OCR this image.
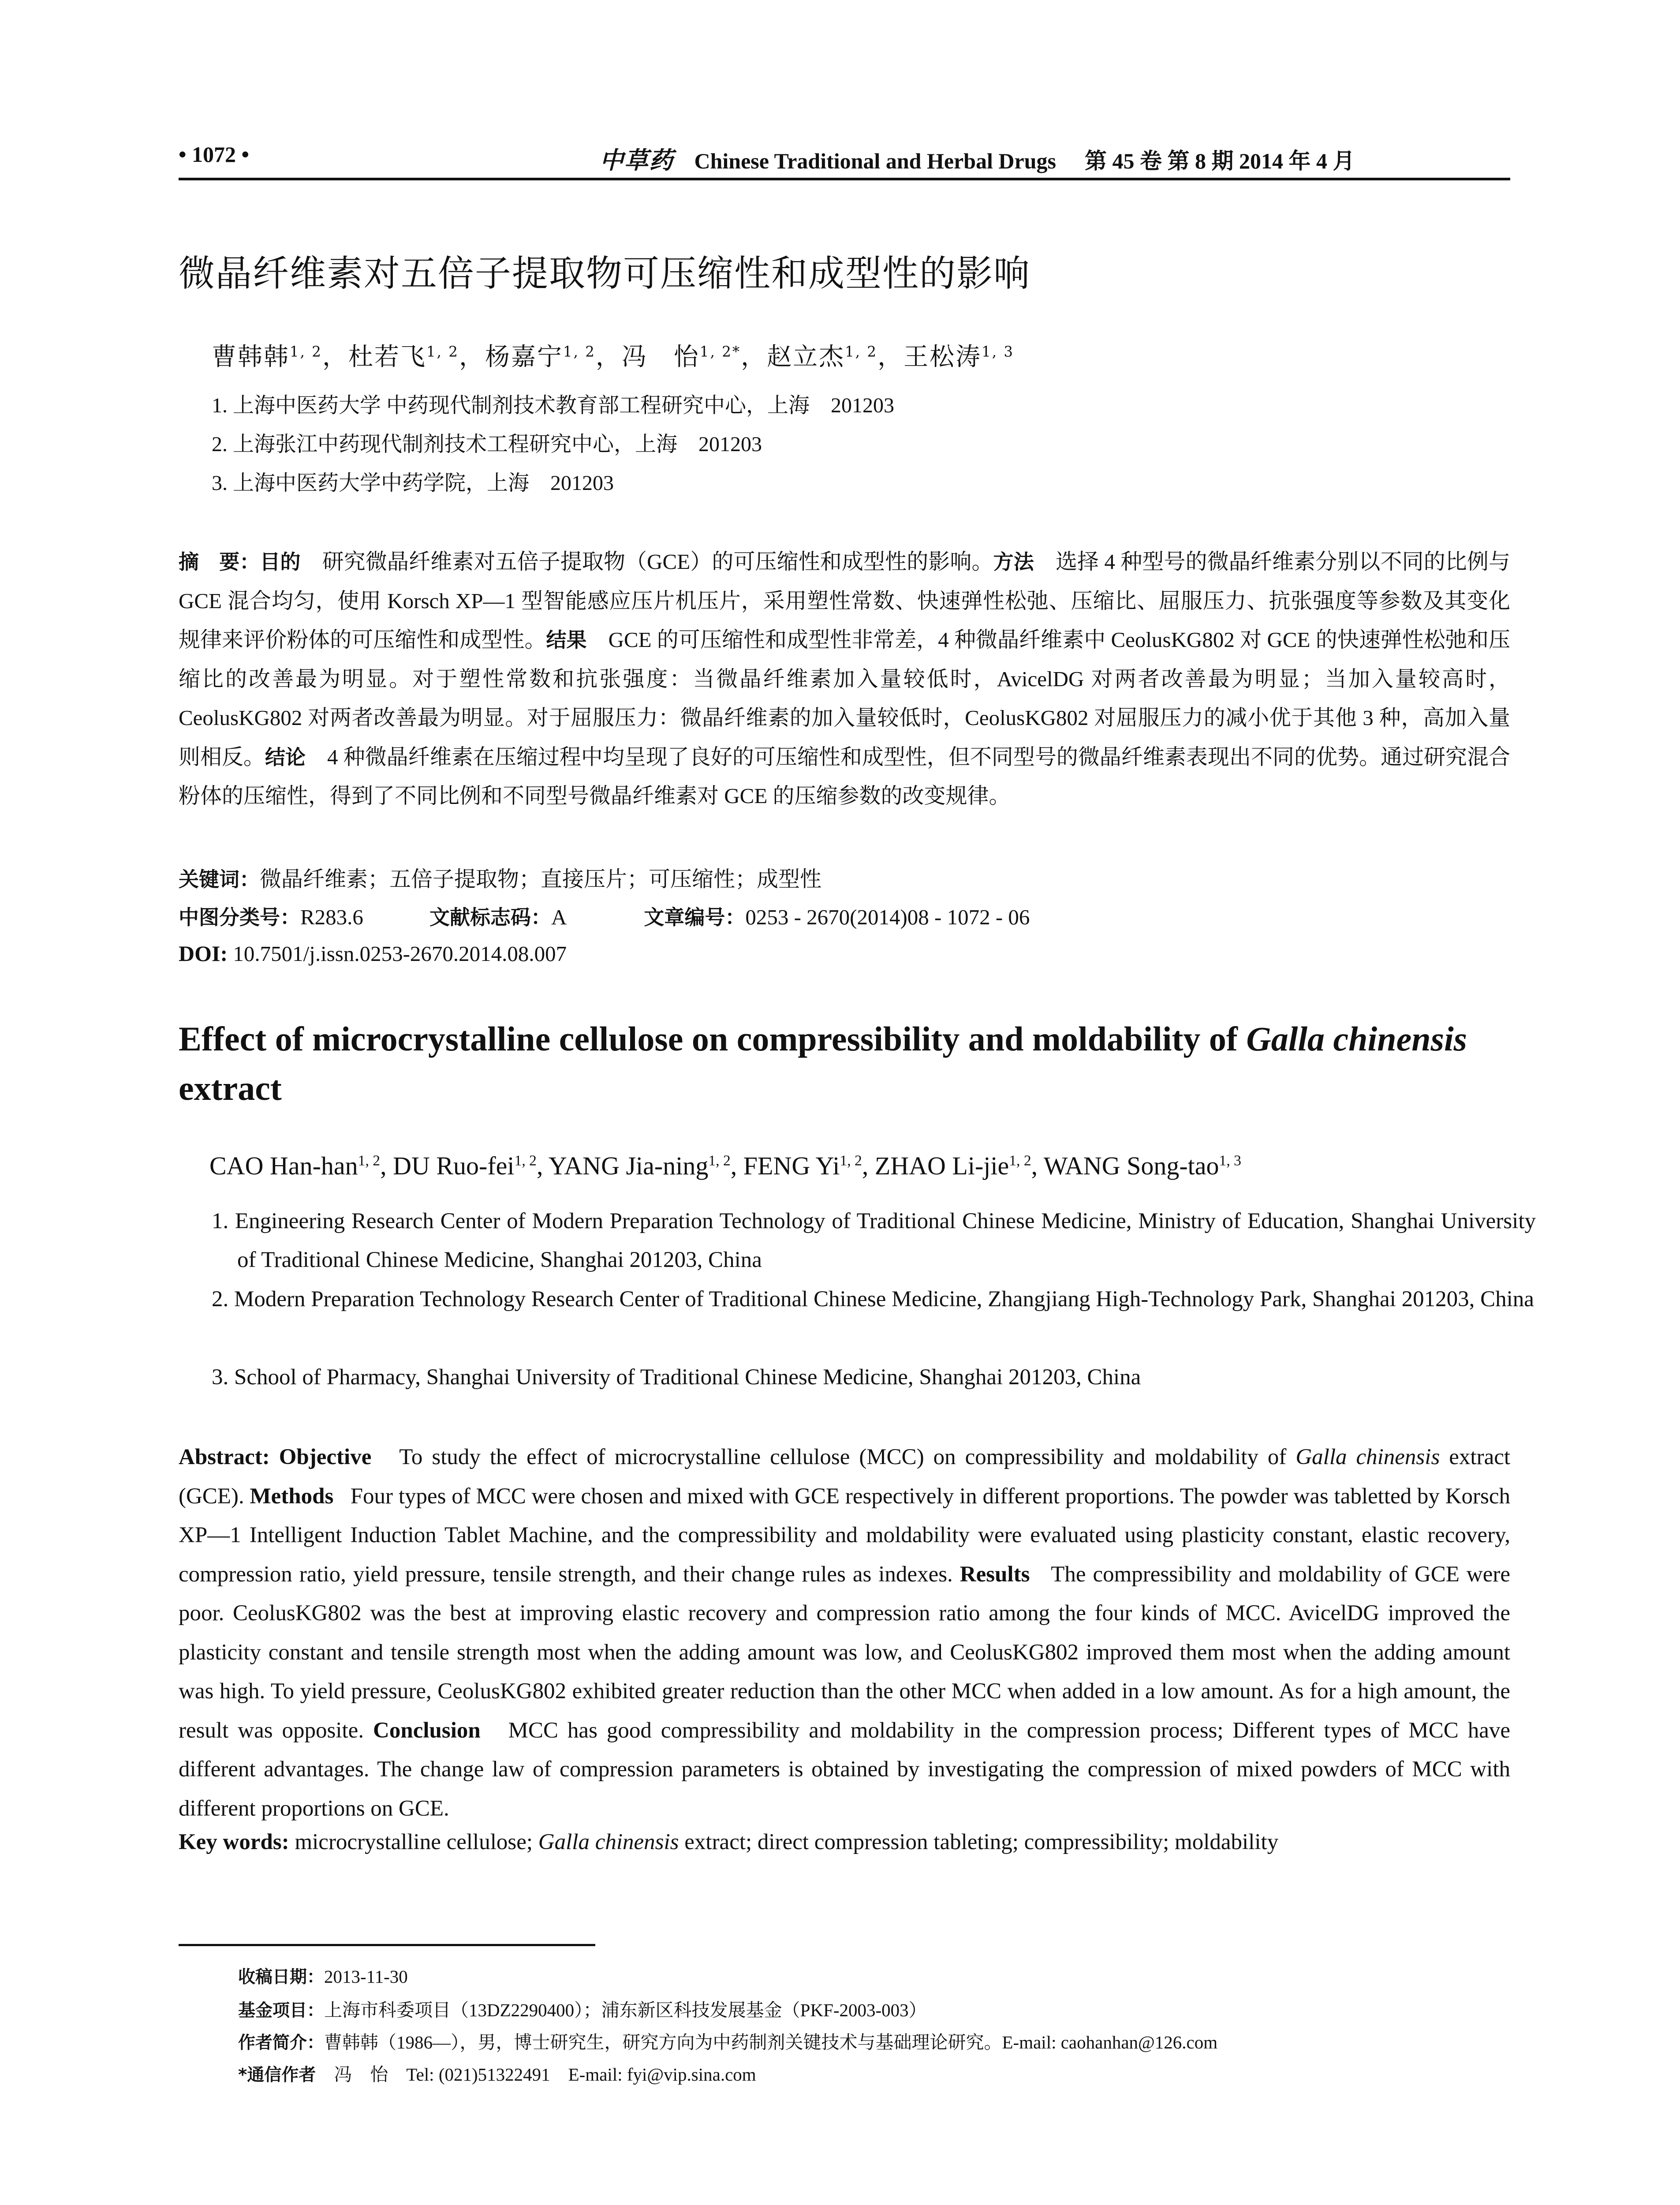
• 1072 •	中草药 Chinese Traditional and Herbal Drugs 第 45 卷 第 8 期 2014 年 4 月
微晶纤维素对五倍子提取物可压缩性和成型性的影响
曹韩韩$^{1, 2}$，杜若飞$^{1, 2}$，杨嘉宁$^{1, 2}$，冯　怡$^{1, 2*}$，赵立杰$^{1, 2}$，王松涛$^{1, 3}$
1. 上海中医药大学 中药现代制剂技术教育部工程研究中心，上海　201203
2. 上海张江中药现代制剂技术工程研究中心，上海　201203
3. 上海中医药大学中药学院，上海　201203
摘　要：目的　 研究微晶纤维素对五倍子提取物（GCE）的可压缩性和成型性的影响。方法　 选择 4 种型号的微晶纤维素分别以不同的比例与 GCE 混合均匀，使用 Korsch XP—1 型智能感应压片机压片，采用塑性常数、快速弹性松弛、压缩比、屈服压力、抗张强度等参数及其变化规律来评价粉体的可压缩性和成型性。结果　 GCE 的可压缩性和成型性非常差，4 种微晶纤维素中 CeolusKG802 对 GCE 的快速弹性松弛和压缩比的改善最为明显。对于塑性常数和抗张强度：当微晶纤维素加入量较低时，AvicelDG 对两者改善最为明显；当加入量较高时，CeolusKG802 对两者改善最为明显。对于屈服压力：微晶纤维素的加入量较低时，CeolusKG802 对屈服压力的减小优于其他 3 种，高加入量则相反。结论　 4 种微晶纤维素在压缩过程中均呈现了良好的可压缩性和成型性，但不同型号的微晶纤维素表现出不同的优势。通过研究混合粉体的压缩性，得到了不同比例和不同型号微晶纤维素对 GCE 的压缩参数的改变规律。
关键词：微晶纤维素；五倍子提取物；直接压片；可压缩性；成型性
中图分类号：R283.6	文献标志码：A	文章编号：0253 - 2670(2014)08 - 1072 - 06
DOI: 10.7501/j.issn.0253-2670.2014.08.007
Effect of microcrystalline cellulose on compressibility and moldability of Galla chinensis extract
CAO Han-han$^{1, 2}$, DU Ruo-fei$^{1, 2}$, YANG Jia-ning$^{1, 2}$, FENG Yi$^{1, 2}$, ZHAO Li-jie$^{1, 2}$, WANG Song-tao$^{1, 3}$
1. Engineering Research Center of Modern Preparation Technology of Traditional Chinese Medicine, Ministry of Education, Shanghai University of Traditional Chinese Medicine, Shanghai 201203, China
2. Modern Preparation Technology Research Center of Traditional Chinese Medicine, Zhangjiang High-Technology Park, Shanghai 201203, China
3. School of Pharmacy, Shanghai University of Traditional Chinese Medicine, Shanghai 201203, China
Abstract: Objective To study the effect of microcrystalline cellulose (MCC) on compressibility and moldability of Galla chinensis extract (GCE). Methods Four types of MCC were chosen and mixed with GCE respectively in different proportions. The powder was tabletted by Korsch XP—1 Intelligent Induction Tablet Machine, and the compressibility and moldability were evaluated using plasticity constant, elastic recovery, compression ratio, yield pressure, tensile strength, and their change rules as indexes. Results The compressibility and moldability of GCE were poor. CeolusKG802 was the best at improving elastic recovery and compression ratio among the four kinds of MCC. AvicelDG improved the plasticity constant and tensile strength most when the adding amount was low, and CeolusKG802 improved them most when the adding amount was high. To yield pressure, CeolusKG802 exhibited greater reduction than the other MCC when added in a low amount. As for a high amount, the result was opposite. Conclusion MCC has good compressibility and moldability in the compression process; Different types of MCC have different advantages. The change law of compression parameters is obtained by investigating the compression of mixed powders of MCC with different proportions on GCE.
Key words: microcrystalline cellulose; Galla chinensis extract; direct compression tableting; compressibility; moldability
收稿日期：2013-11-30
基金项目：上海市科委项目（13DZ2290400）；浦东新区科技发展基金（PKF-2003-003）
作者简介：曹韩韩（1986—），男，博士研究生，研究方向为中药制剂关键技术与基础理论研究。E-mail: caohanhan@126.com
*通信作者　冯　怡　Tel: (021)51322491　E-mail: fyi@vip.sina.com
